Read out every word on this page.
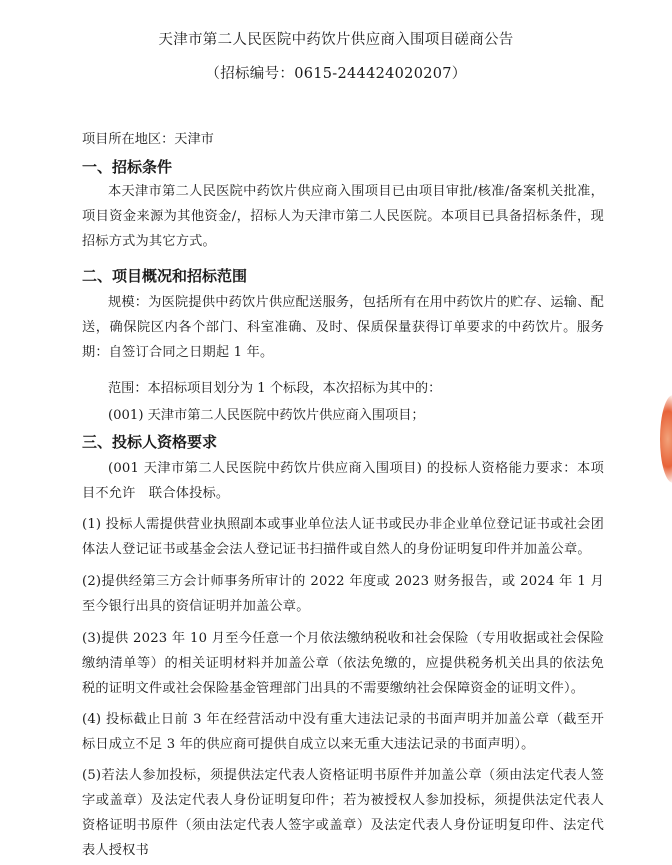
天津市第二人民医院中药饮片供应商入围项目磋商公告
（招标编号：0615-244424020207）
项目所在地区：天津市
一、招标条件
本天津市第二人民医院中药饮片供应商入围项目已由项目审批/核准/备案机关批准，项目资金来源为其他资金/，招标人为天津市第二人民医院。本项目已具备招标条件，现招标方式为其它方式。
二、项目概况和招标范围
规模：为医院提供中药饮片供应配送服务，包括所有在用中药饮片的贮存、运输、配送，确保院区内各个部门、科室准确、及时、保质保量获得订单要求的中药饮片。服务期：自签订合同之日期起 1 年。
范围：本招标项目划分为 1 个标段，本次招标为其中的：
(001) 天津市第二人民医院中药饮片供应商入围项目；
三、投标人资格要求
(001 天津市第二人民医院中药饮片供应商入围项目) 的投标人资格能力要求：本项目不允许　联合体投标。
(1) 投标人需提供营业执照副本或事业单位法人证书或民办非企业单位登记证书或社会团体法人登记证书或基金会法人登记证书扫描件或自然人的身份证明复印件并加盖公章。
(2)提供经第三方会计师事务所审计的 2022 年度或 2023 财务报告，或 2024 年 1 月至今银行出具的资信证明并加盖公章。
(3)提供 2023 年 10 月至今任意一个月依法缴纳税收和社会保险（专用收据或社会保险缴纳清单等）的相关证明材料并加盖公章（依法免缴的，应提供税务机关出具的依法免税的证明文件或社会保险基金管理部门出具的不需要缴纳社会保障资金的证明文件）。
(4) 投标截止日前 3 年在经营活动中没有重大违法记录的书面声明并加盖公章（截至开标日成立不足 3 年的供应商可提供自成立以来无重大违法记录的书面声明）。
(5)若法人参加投标，须提供法定代表人资格证明书原件并加盖公章（须由法定代表人签字或盖章）及法定代表人身份证明复印件；若为被授权人参加投标，须提供法定代表人资格证明书原件（须由法定代表人签字或盖章）及法定代表人身份证明复印件、法定代表人授权书
